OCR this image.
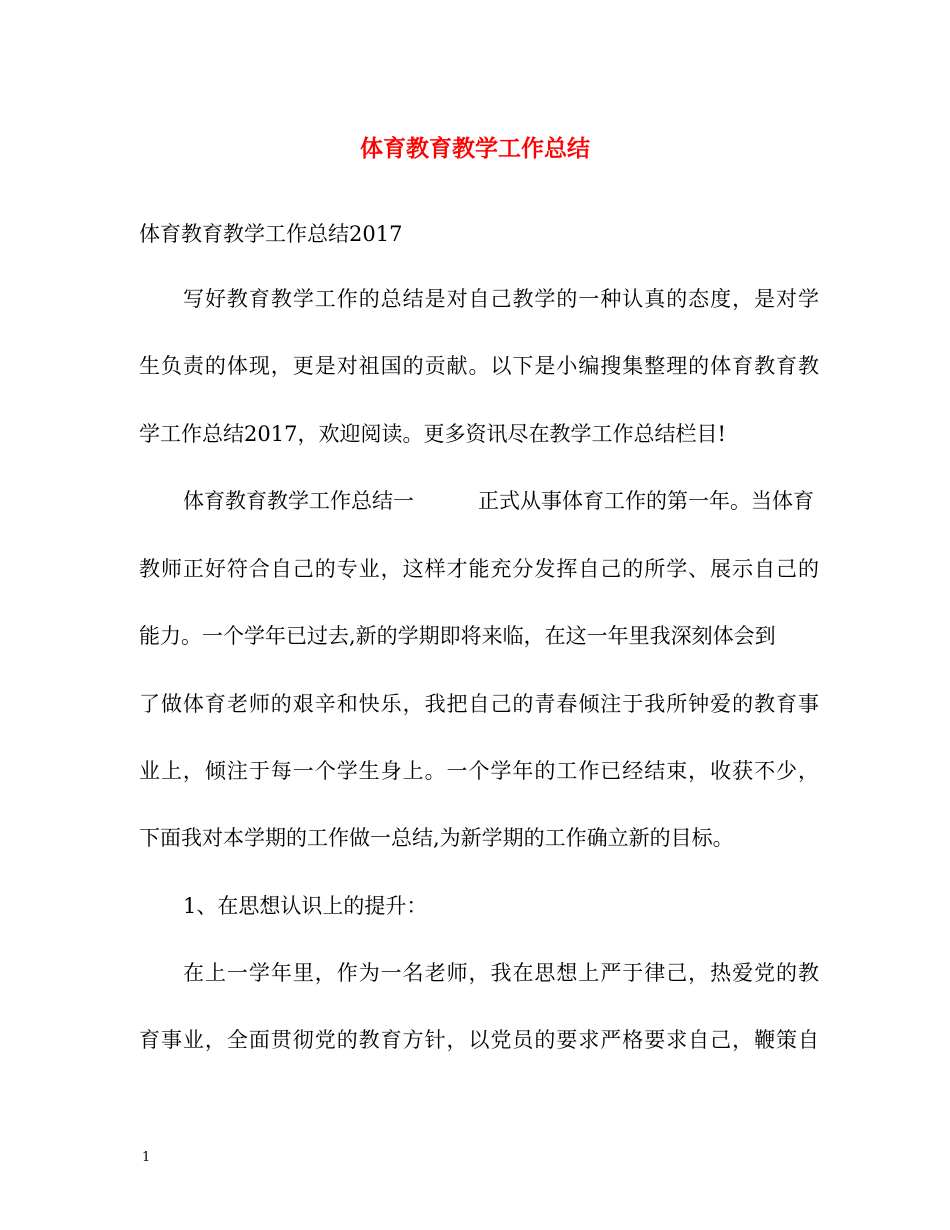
体育教育教学工作总结

体育教育教学工作总结2017

写好教育教学工作的总结是对自己教学的一种认真的态度，是对学

生负责的体现，更是对祖国的贡献。以下是小编搜集整理的体育教育教

学工作总结2017，欢迎阅读。更多资讯尽在教学工作总结栏目!

体育教育教学工作总结一	正式从事体育工作的第一年。当体育

教师正好符合自己的专业，这样才能充分发挥自己的所学、展示自己的

能力。一个学年已过去,新的学期即将来临，在这一年里我深刻体会到

了做体育老师的艰辛和快乐，我把自己的青春倾注于我所钟爱的教育事

业上，倾注于每一个学生身上。一个学年的工作已经结束，收获不少，

下面我对本学期的工作做一总结,为新学期的工作确立新的目标。

1、在思想认识上的提升：

在上一学年里，作为一名老师，我在思想上严于律己，热爱党的教

育事业，全面贯彻党的教育方针，以党员的要求严格要求自己，鞭策自

1
